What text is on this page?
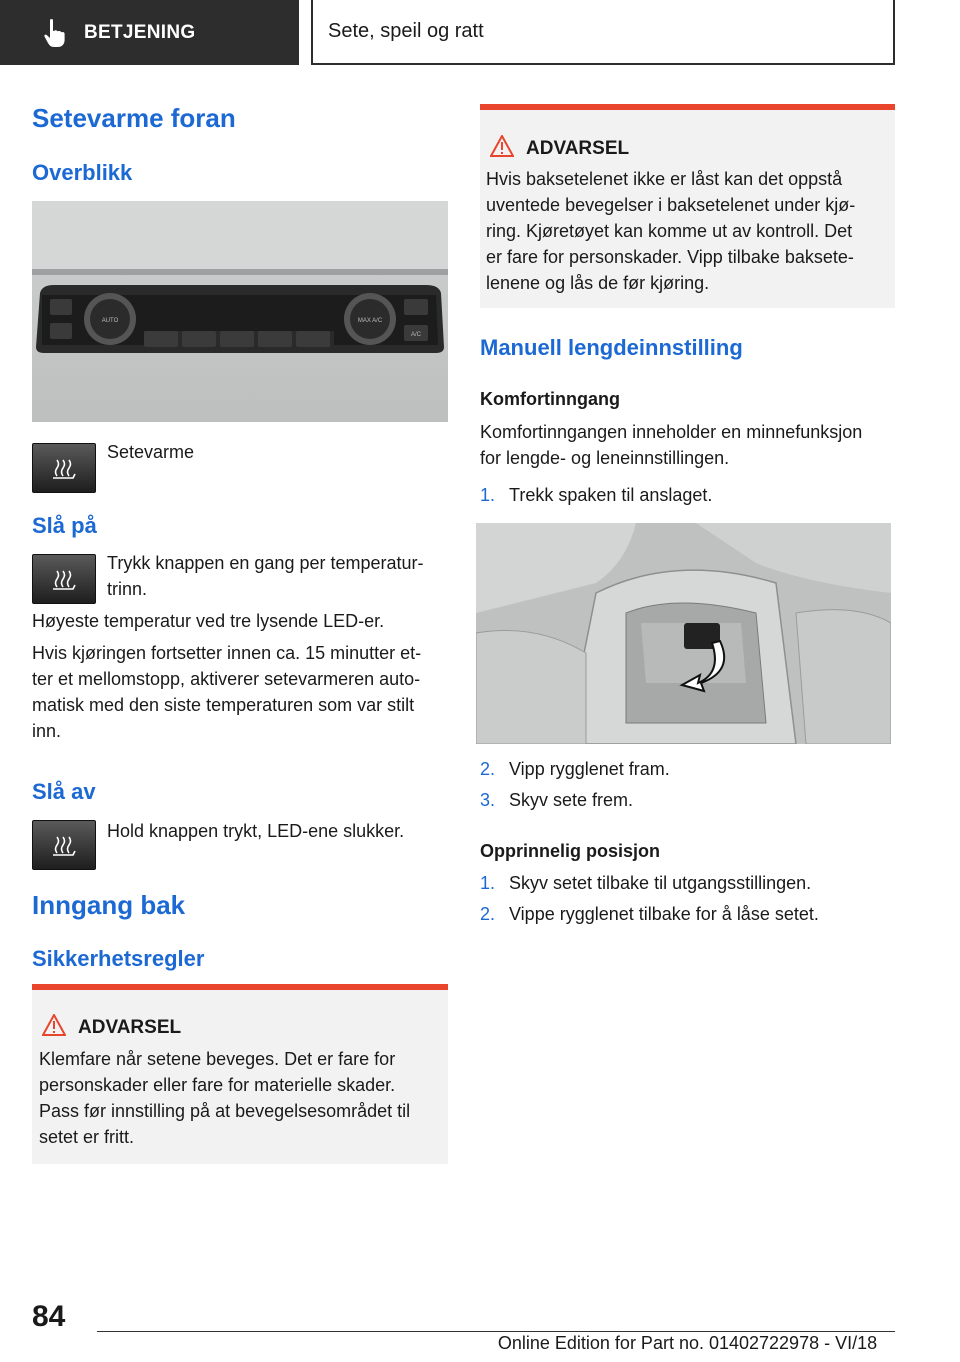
BETJENING	Sete, speil og ratt
Setevarme foran
Overblikk
AUTO	MAX A/C
A/C
Setevarme
Slå på
Trykk knappen en gang per temperatur-
trinn.
Høyeste temperatur ved tre lysende LED-er.
Hvis kjøringen fortsetter innen ca. 15 minutter et-
ter et mellomstopp, aktiverer setevarmeren auto-
matisk med den siste temperaturen som var stilt
inn.
Slå av
Hold knappen trykt, LED-ene slukker.
Inngang bak
Sikkerhetsregler
ADVARSEL
Klemfare når setene beveges. Det er fare for
personskader eller fare for materielle skader.
Pass før innstilling på at bevegelsesområdet til
setet er fritt.
ADVARSEL
Hvis baksetelenet ikke er låst kan det oppstå
uventede bevegelser i baksetelenet under kjø-
ring. Kjøretøyet kan komme ut av kontroll. Det
er fare for personskader. Vipp tilbake baksete-
lenene og lås de før kjøring.
Manuell lengdeinnstilling
Komfortinngang
Komfortinngangen inneholder en minnefunksjon
for lengde- og leneinnstillingen.
1. Trekk spaken til anslaget.
2. Vipp rygglenet fram.
3. Skyv sete frem.
Opprinnelig posisjon
1. Skyv setet tilbake til utgangsstillingen.
2. Vippe rygglenet tilbake for å låse setet.
84
Online Edition for Part no. 01402722978 - VI/18
